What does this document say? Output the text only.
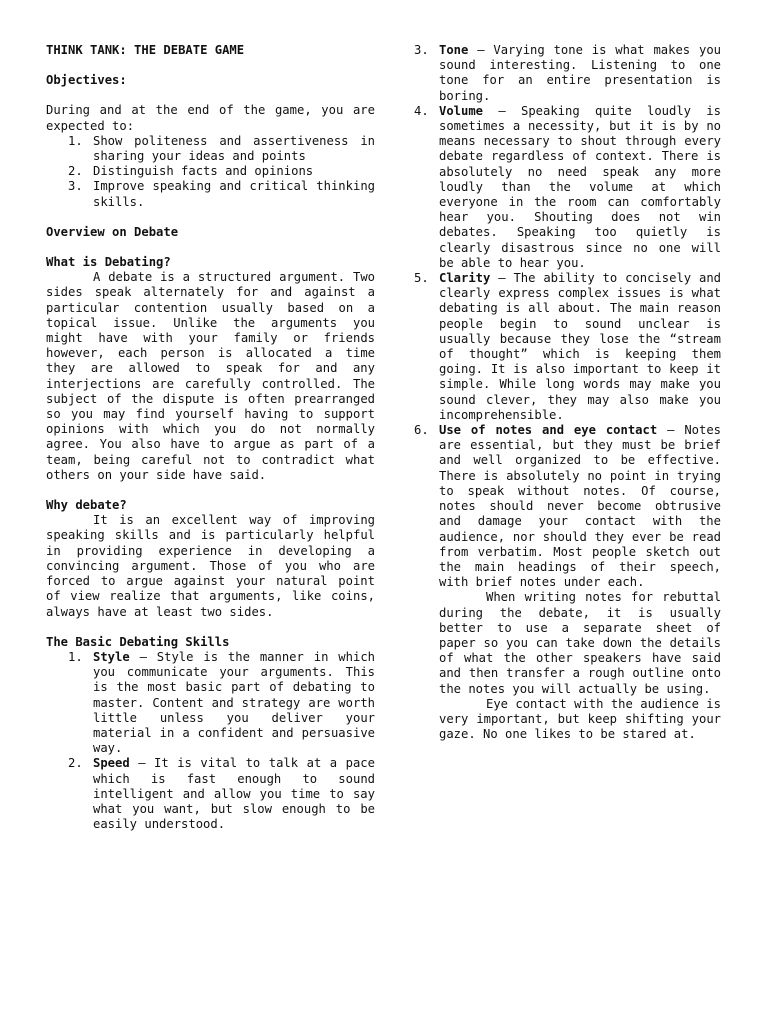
THINK TANK: THE DEBATE GAME
Objectives:

During and at the end of the game, you are expected to:

1. Show politeness and assertiveness in sharing your ideas and points
2. Distinguish facts and opinions
3. Improve speaking and critical thinking skills.
Overview on Debate
What is Debating?

A debate is a structured argument. Two sides speak alternately for and against a particular contention usually based on a topical issue. Unlike the arguments you might have with your family or friends however, each person is allocated a time they are allowed to speak for and any interjections are carefully controlled. The subject of the dispute is often prearranged so you may find yourself having to support opinions with which you do not normally agree. You also have to argue as part of a team, being careful not to contradict what others on your side have said.

Why debate?

It is an excellent way of improving speaking skills and is particularly helpful in providing experience in developing a convincing argument. Those of you who are forced to argue against your natural point of view realize that arguments, like coins, always have at least two sides.

The Basic Debating Skills
1. Style – Style is the manner in which you communicate your arguments. This is the most basic part of debating to master. Content and strategy are worth little unless you deliver your material in a confident and persuasive way.
2. Speed – It is vital to talk at a pace which is fast enough to sound intelligent and allow you time to say what you want, but slow enough to be easily understood.
3. Tone – Varying tone is what makes you sound interesting. Listening to one tone for an entire presentation is boring.
4. Volume – Speaking quite loudly is sometimes a necessity, but it is by no means necessary to shout through every debate regardless of context. There is absolutely no need speak any more loudly than the volume at which everyone in the room can comfortably hear you. Shouting does not win debates. Speaking too quietly is clearly disastrous since no one will be able to hear you.
5. Clarity – The ability to concisely and clearly express complex issues is what debating is all about. The main reason people begin to sound unclear is usually because they lose the “stream of thought” which is keeping them going. It is also important to keep it simple. While long words may make you sound clever, they may also make you incomprehensible.
6. Use of notes and eye contact – Notes are essential, but they must be brief and well organized to be effective. There is absolutely no point in trying to speak without notes. Of course, notes should never become obtrusive and damage your contact with the audience, nor should they ever be read from verbatim. Most people sketch out the main headings of their speech, with brief notes under each.

When writing notes for rebuttal during the debate, it is usually better to use a separate sheet of paper so you can take down the details of what the other speakers have said and then transfer a rough outline onto the notes you will actually be using.

Eye contact with the audience is very important, but keep shifting your gaze. No one likes to be stared at.
